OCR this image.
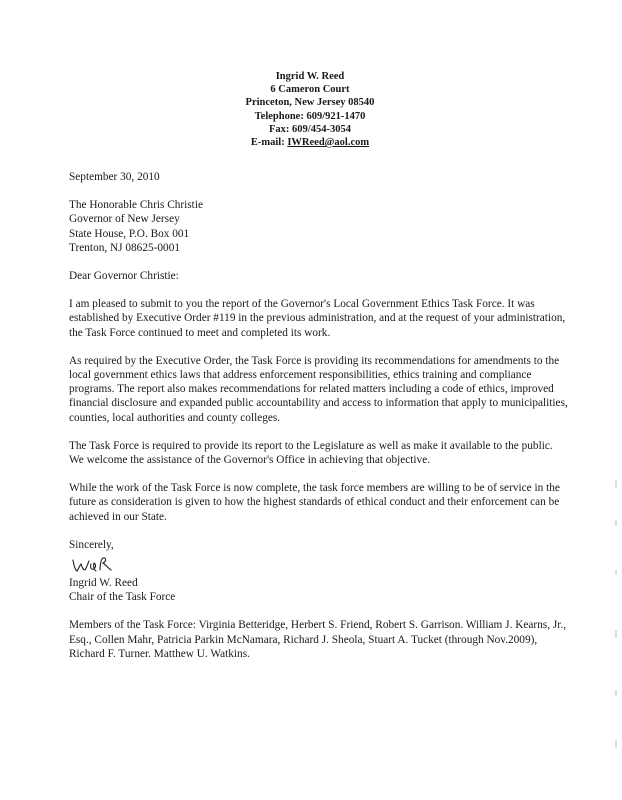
Ingrid W. Reed
6 Cameron Court
Princeton, New Jersey 08540
Telephone: 609/921-1470
Fax: 609/454-3054
E-mail: IWReed@aol.com
September 30, 2010
The Honorable Chris Christie
Governor of New Jersey
State House, P.O. Box 001
Trenton, NJ 08625-0001
Dear Governor Christie:

I am pleased to submit to you the report of the Governor's Local Government Ethics Task Force. It was established by Executive Order #119 in the previous administration, and at the request of your administration, the Task Force continued to meet and completed its work.

As required by the Executive Order, the Task Force is providing its recommendations for amendments to the local government ethics laws that address enforcement responsibilities, ethics training and compliance programs. The report also makes recommendations for related matters including a code of ethics, improved financial disclosure and expanded public accountability and access to information that apply to municipalities, counties, local authorities and county colleges.

The Task Force is required to provide its report to the Legislature as well as make it available to the public. We welcome the assistance of the Governor's Office in achieving that objective.

While the work of the Task Force is now complete, the task force members are willing to be of service in the future as consideration is given to how the highest standards of ethical conduct and their enforcement can be achieved in our State.

Sincerely,
Ingrid W. Reed
Chair of the Task Force

Members of the Task Force: Virginia Betteridge, Herbert S. Friend, Robert S. Garrison. William J. Kearns, Jr., Esq., Collen Mahr, Patricia Parkin McNamara, Richard J. Sheola, Stuart A. Tucket (through Nov.2009), Richard F. Turner. Matthew U. Watkins.
